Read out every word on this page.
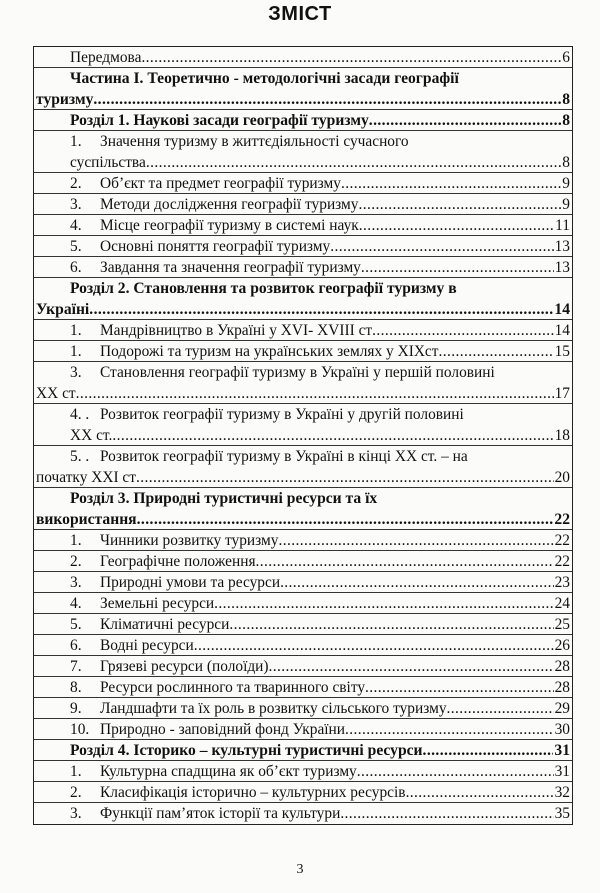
ЗМІСТ
Передмова .....	6
Частина І. Теоретично - методологічні засади географії
туризму .....	8
Розділ 1. Наукові засади географії туризму .....	8
1. Значення туризму в життєдіяльності сучасного
суспільства .....	8
2. Об’єкт та предмет географії туризму .....	9
3. Методи дослідження географії туризму .....	9
4. Місце географії туризму в системі наук .....	11
5. Основні поняття географії туризму .....	13
6. Завдання та значення географії туризму .....	13
Розділ 2. Становлення та розвиток географії туризму в
Україні .....	14
1. Мандрівництво в Україні у XVI- XVIII ст .....	14
1. Подорожі та туризм на українських землях у XIXст .....	15
3. Становлення географії туризму в Україні у першій половині
ХХ ст .....	17
4. . Розвиток географії туризму в Україні у другій половині
ХХ ст. .....	18
5. . Розвиток географії туризму в Україні в кінці ХХ ст. – на
початку ХХІ ст .....	20
Розділ 3. Природні туристичні ресурси та їх
використання .....	22
1. Чинники розвитку туризму .....	22
2. Географічне положення .....	22
3. Природні умови та ресурси .....	23
4. Земельні ресурси .....	24
5. Кліматичні ресурси .....	25
6. Водні ресурси .....	26
7. Грязеві ресурси (полоїди) .....	28
8. Ресурси рослинного та тваринного світу .....	28
9. Ландшафти та їх роль в розвитку сільського туризму .....	29
10. Природно - заповідний фонд України .....	30
Розділ 4. Історико – культурні туристичні ресурси .....	31
1. Культурна спадщина як об’єкт туризму .....	31
2. Класифікація історично – культурних ресурсів .....	32
3. Функції пам’яток історії та культури .....	35
3
